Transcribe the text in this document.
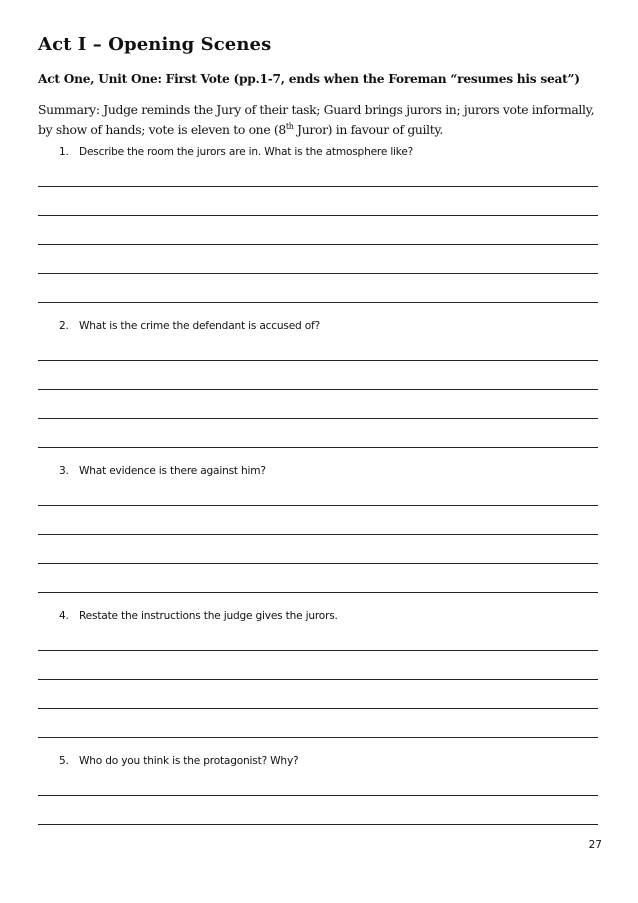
Act I – Opening Scenes
Act One, Unit One: First Vote (pp.1-7, ends when the Foreman “resumes his seat”)
Summary: Judge reminds the Jury of their task; Guard brings jurors in; jurors vote informally, by show of hands; vote is eleven to one (8th Juror) in favour of guilty.
1. Describe the room the jurors are in. What is the atmosphere like?
2. What is the crime the defendant is accused of?
3. What evidence is there against him?
4. Restate the instructions the judge gives the jurors.
5. Who do you think is the protagonist? Why?
27
